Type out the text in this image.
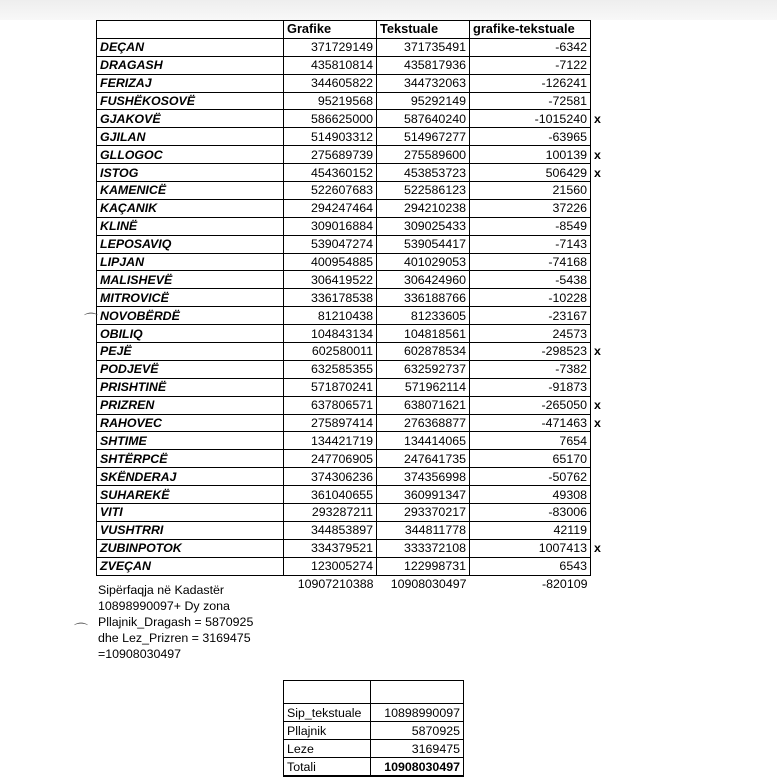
	Grafike	Tekstuale	grafike-tekstuale	
DEÇAN	371729149	371735491	-6342	
DRAGASH	435810814	435817936	-7122	
FERIZAJ	344605822	344732063	-126241	
FUSHËKOSOVË	95219568	95292149	-72581	
GJAKOVË	586625000	587640240	-1015240	x
GJILAN	514903312	514967277	-63965	
GLLOGOC	275689739	275589600	100139	x
ISTOG	454360152	453853723	506429	x
KAMENICË	522607683	522586123	21560	
KAÇANIK	294247464	294210238	37226	
KLINË	309016884	309025433	-8549	
LEPOSAVIQ	539047274	539054417	-7143	
LIPJAN	400954885	401029053	-74168	
MALISHEVË	306419522	306424960	-5438	
MITROVICË	336178538	336188766	-10228	
NOVOBËRDË	81210438	81233605	-23167	
OBILIQ	104843134	104818561	24573	
PEJË	602580011	602878534	-298523	x
PODJEVË	632585355	632592737	-7382	
PRISHTINË	571870241	571962114	-91873	
PRIZREN	637806571	638071621	-265050	x
RAHOVEC	275897414	276368877	-471463	x
SHTIME	134421719	134414065	7654	
SHTËRPCË	247706905	247641735	65170	
SKËNDERAJ	374306236	374356998	-50762	
SUHAREKË	361040655	360991347	49308	
VITI	293287211	293370217	-83006	
VUSHTRRI	344853897	344811778	42119	
ZUBINPOTOK	334379521	333372108	1007413	x
ZVEÇAN	123005274	122998731	6543	
	10907210388	10908030497	-820109	
⌒
Sipërfaqja në Kadastër
10898990097+ Dy zona
Pllajnik_Dragash = 5870925
dhe Lez_Prizren = 3169475
=10908030497
⌒

Sip_tekstuale	10898990097
Pllajnik	5870925
Leze	3169475
Totali	10908030497
